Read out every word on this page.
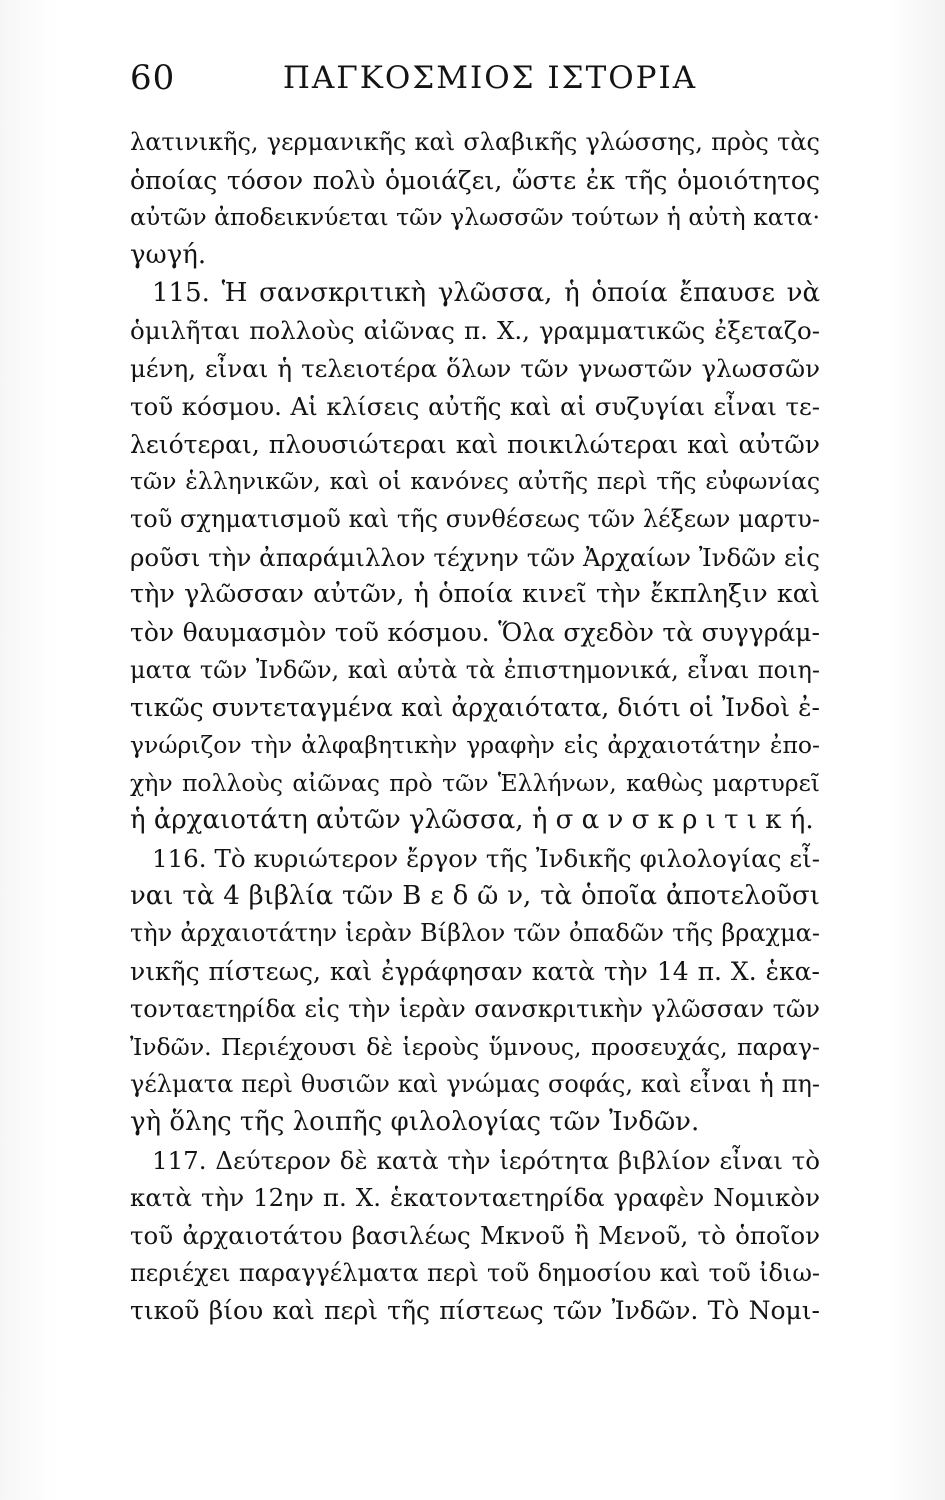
60	ΠΑΓΚΟΣΜΙΟΣ ΙΣΤΟΡΙΑ
λατινικῆς, γερμανικῆς καὶ σλαβικῆς γλώσσης, πρὸς τὰς
ὁποίας τόσον πολὺ ὁμοιάζει, ὥστε ἐκ τῆς ὁμοιότητος
αὐτῶν ἀποδεικνύεται τῶν γλωσσῶν τούτων ἡ αὐτὴ κατα·
γωγή.
115. Ἡ σανσκριτικὴ γλῶσσα, ἡ ὁποία ἔπαυσε νὰ
ὁμιλῆται πολλοὺς αἰῶνας π. Χ., γραμματικῶς ἐξεταζο-
μένη, εἶναι ἡ τελειοτέρα ὅλων τῶν γνωστῶν γλωσσῶν
τοῦ κόσμου. Αἱ κλίσεις αὐτῆς καὶ αἱ συζυγίαι εἶναι τε-
λειότεραι, πλουσιώτεραι καὶ ποικιλώτεραι καὶ αὐτῶν
τῶν ἑλληνικῶν, καὶ οἱ κανόνες αὐτῆς περὶ τῆς εὐφωνίας
τοῦ σχηματισμοῦ καὶ τῆς συνθέσεως τῶν λέξεων μαρτυ-
ροῦσι τὴν ἀπαράμιλλον τέχνην τῶν Ἀρχαίων Ἰνδῶν εἰς
τὴν γλῶσσαν αὐτῶν, ἡ ὁποία κινεῖ τὴν ἔκπληξιν καὶ
τὸν θαυμασμὸν τοῦ κόσμου. Ὅλα σχεδὸν τὰ συγγράμ-
ματα τῶν Ἰνδῶν, καὶ αὐτὰ τὰ ἐπιστημονικά, εἶναι ποιη-
τικῶς συντεταγμένα καὶ ἀρχαιότατα, διότι οἱ Ἰνδοὶ ἐ-
γνώριζον τὴν ἀλφαβητικὴν γραφὴν εἰς ἀρχαιοτάτην ἐπο-
χὴν πολλοὺς αἰῶνας πρὸ τῶν Ἑλλήνων, καθὼς μαρτυρεῖ
ἡ ἀρχαιοτάτη αὐτῶν γλῶσσα, ἡ σ α ν σ κ ρ ι τ ι κ ή.
116. Τὸ κυριώτερον ἔργον τῆς Ἰνδικῆς φιλολογίας εἶ-
ναι τὰ 4 βιβλία τῶν Β ε δ ῶ ν, τὰ ὁποῖα ἀποτελοῦσι
τὴν ἀρχαιοτάτην ἱερὰν Βίβλον τῶν ὀπαδῶν τῆς βραχμα-
νικῆς πίστεως, καὶ ἐγράφησαν κατὰ τὴν 14 π. Χ. ἑκα-
τονταετηρίδα εἰς τὴν ἱερὰν σανσκριτικὴν γλῶσσαν τῶν
Ἰνδῶν. Περιέχουσι δὲ ἱεροὺς ὕμνους, προσευχάς, παραγ-
γέλματα περὶ θυσιῶν καὶ γνώμας σοφάς, καὶ εἶναι ἡ πη-
γὴ ὅλης τῆς λοιπῆς φιλολογίας τῶν Ἰνδῶν.
117. Δεύτερον δὲ κατὰ τὴν ἱερότητα βιβλίον εἶναι τὸ
κατὰ τὴν 12ην π. Χ. ἑκατονταετηρίδα γραφὲν Νομικὸν
τοῦ ἀρχαιοτάτου βασιλέως Μκνοῦ ἢ Μενοῦ, τὸ ὁποῖον
περιέχει παραγγέλματα περὶ τοῦ δημοσίου καὶ τοῦ ἰδιω-
τικοῦ βίου καὶ περὶ τῆς πίστεως τῶν Ἰνδῶν. Τὸ Νομι-
